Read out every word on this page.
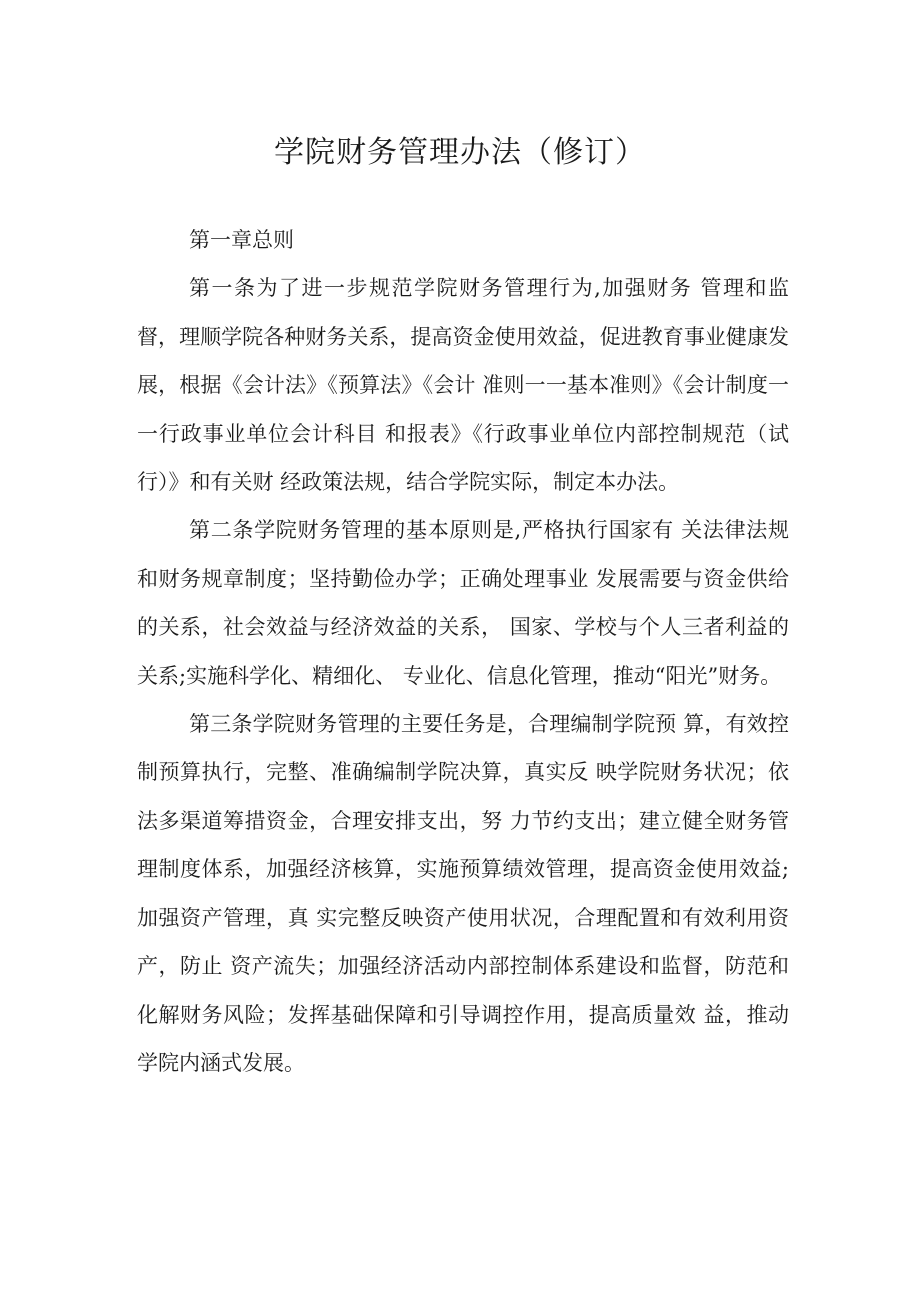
学院财务管理办法（修订）

第一章总则

第一条为了进一步规范学院财务管理行为,加强财务 管理和监督，理顺学院各种财务关系，提高资金使用效益，促进教育事业健康发展，根据《会计法》《预算法》《会计 准则一一基本准则》《会计制度一一行政事业单位会计科目 和报表》《行政事业单位内部控制规范（试行）》和有关财 经政策法规，结合学院实际，制定本办法。

第二条学院财务管理的基本原则是,严格执行国家有 关法律法规和财务规章制度；坚持勤俭办学；正确处理事业 发展需要与资金供给的关系，社会效益与经济效益的关系， 国家、学校与个人三者利益的关系;实施科学化、精细化、 专业化、信息化管理，推动“阳光”财务。

第三条学院财务管理的主要任务是，合理编制学院预 算，有效控制预算执行，完整、准确编制学院决算，真实反 映学院财务状况；依法多渠道筹措资金，合理安排支出，努 力节约支出；建立健全财务管理制度体系，加强经济核算，实施预算绩效管理，提高资金使用效益;加强资产管理，真 实完整反映资产使用状况，合理配置和有效利用资产，防止 资产流失；加强经济活动内部控制体系建设和监督，防范和 化解财务风险；发挥基础保障和引导调控作用，提高质量效 益，推动学院内涵式发展。
